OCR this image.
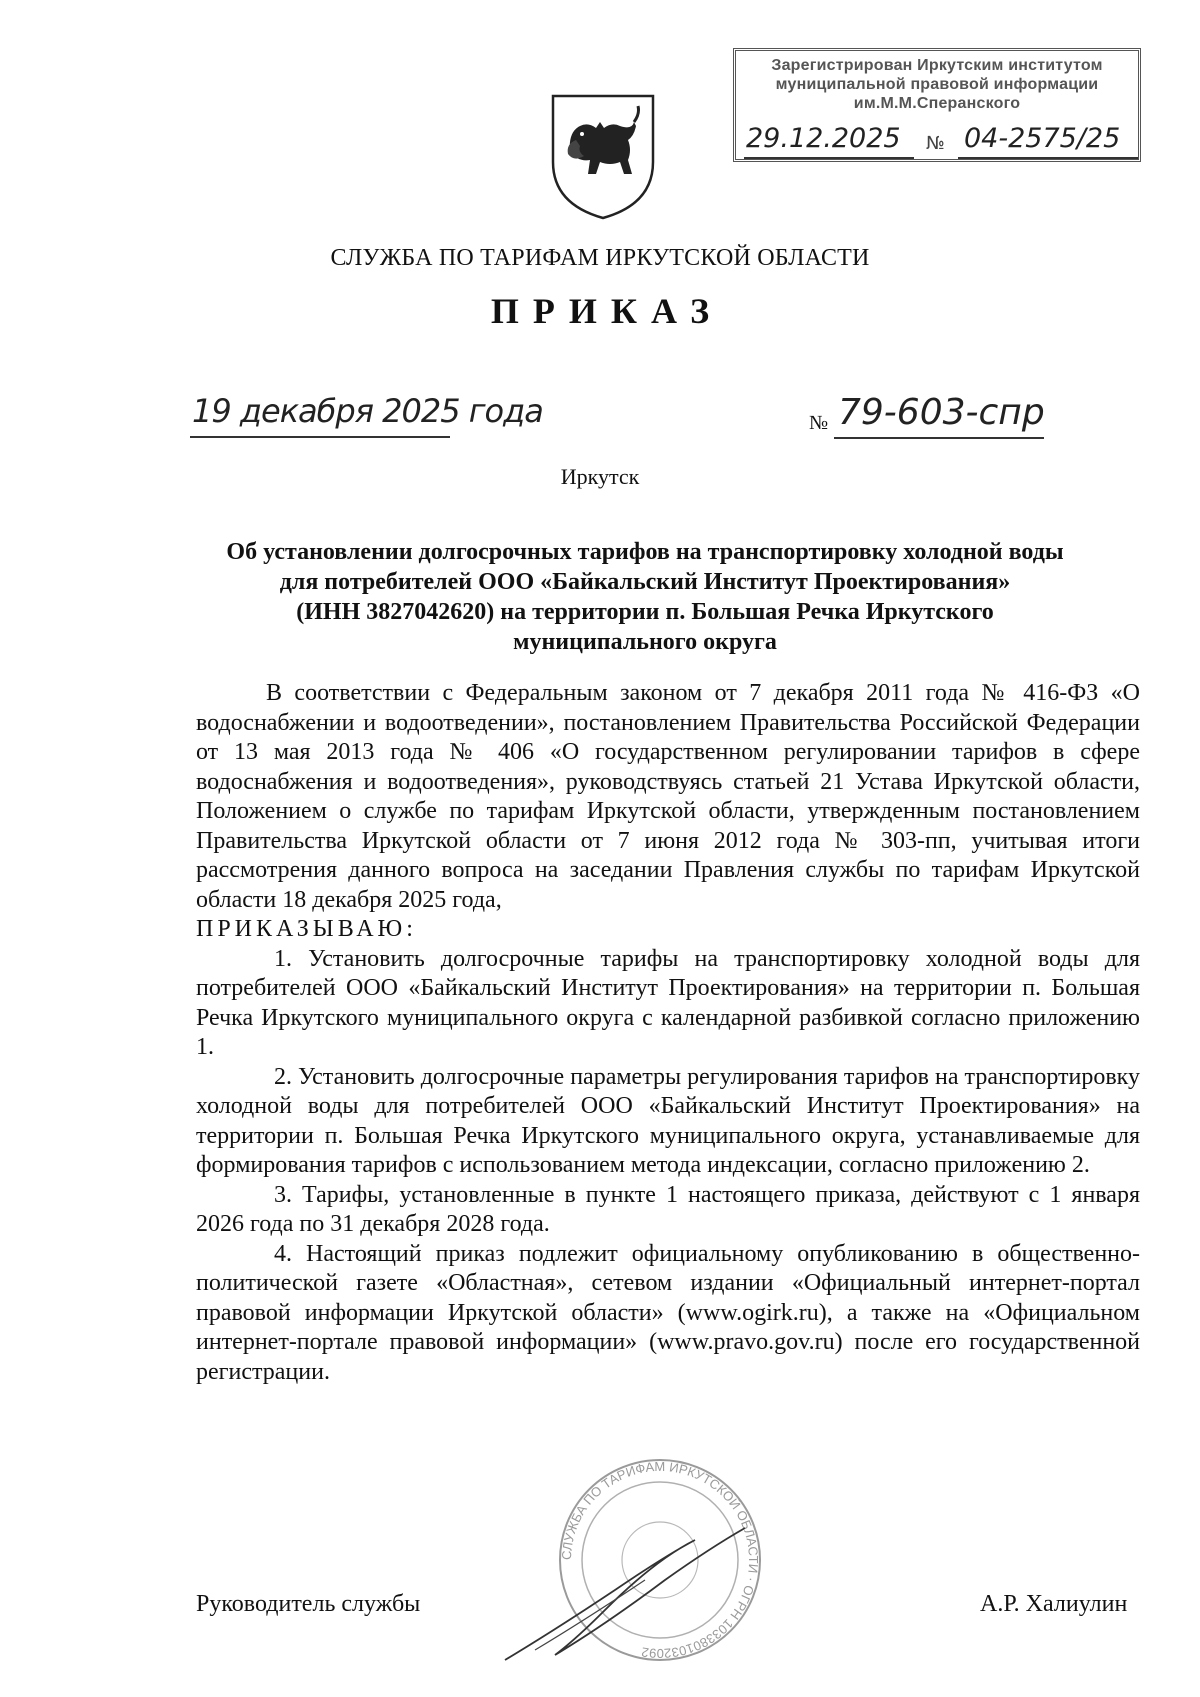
Зарегистрирован Иркутским институтом
муниципальной правовой информации
им.М.М.Сперанского
29.12.2025 № 04-2575/25
СЛУЖБА ПО ТАРИФАМ ИРКУТСКОЙ ОБЛАСТИ
ПРИКАЗ
19 декабря 2025 года	№ 79-603-спр
Иркутск
Об установлении долгосрочных тарифов на транспортировку холодной воды
для потребителей ООО «Байкальский Институт Проектирования»
(ИНН 3827042620) на территории п. Большая Речка Иркутского
муниципального округа

В соответствии с Федеральным законом от 7 декабря 2011 года № 416-ФЗ «О водоснабжении и водоотведении», постановлением Правительства Российской Федерации от 13 мая 2013 года № 406 «О государственном регулировании тарифов в сфере водоснабжения и водоотведения», руководствуясь статьей 21 Устава Иркутской области, Положением о службе по тарифам Иркутской области, утвержденным постановлением Правительства Иркутской области от 7 июня 2012 года № 303-пп, учитывая итоги рассмотрения данного вопроса на заседании Правления службы по тарифам Иркутской области 18 декабря 2025 года,

ПРИКАЗЫВАЮ:

1. Установить долгосрочные тарифы на транспортировку холодной воды для потребителей ООО «Байкальский Институт Проектирования» на территории п. Большая Речка Иркутского муниципального округа с календарной разбивкой согласно приложению 1.

2. Установить долгосрочные параметры регулирования тарифов на транспортировку холодной воды для потребителей ООО «Байкальский Институт Проектирования» на территории п. Большая Речка Иркутского муниципального округа, устанавливаемые для формирования тарифов с использованием метода индексации, согласно приложению 2.

3. Тарифы, установленные в пункте 1 настоящего приказа, действуют с 1 января 2026 года по 31 декабря 2028 года.

4. Настоящий приказ подлежит официальному опубликованию в общественно-политической газете «Областная», сетевом издании «Официальный интернет-портал правовой информации Иркутской области» (www.ogirk.ru), а также на «Официальном интернет-портале правовой информации» (www.pravo.gov.ru) после его государственной регистрации.

СЛУЖБА ПО ТАРИФАМ ИРКУТСКОЙ ОБЛАСТИ · ОГРН 1033801032092
Руководитель службы	А.Р. Халиулин
